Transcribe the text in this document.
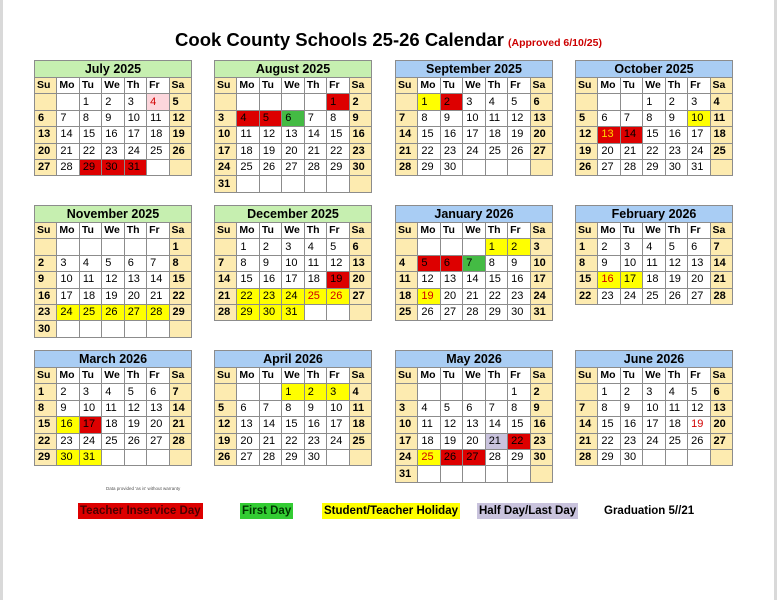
Cook County Schools 25-26 Calendar (Approved 6/10/25)
July 2025
Su	Mo	Tu	We	Th	Fr	Sa
		1	2	3	4	5
6	7	8	9	10	11	12
13	14	15	16	17	18	19
20	21	22	23	24	25	26
27	28	29	30	31		
August 2025
Su	Mo	Tu	We	Th	Fr	Sa
					1	2
3	4	5	6	7	8	9
10	11	12	13	14	15	16
17	18	19	20	21	22	23
24	25	26	27	28	29	30
31						
September 2025
Su	Mo	Tu	We	Th	Fr	Sa
	1	2	3	4	5	6
7	8	9	10	11	12	13
14	15	16	17	18	19	20
21	22	23	24	25	26	27
28	29	30				
October 2025
Su	Mo	Tu	We	Th	Fr	Sa
			1	2	3	4
5	6	7	8	9	10	11
12	13	14	15	16	17	18
19	20	21	22	23	24	25
26	27	28	29	30	31	
November 2025
Su	Mo	Tu	We	Th	Fr	Sa
						1
2	3	4	5	6	7	8
9	10	11	12	13	14	15
16	17	18	19	20	21	22
23	24	25	26	27	28	29
30						
December 2025
Su	Mo	Tu	We	Th	Fr	Sa
	1	2	3	4	5	6
7	8	9	10	11	12	13
14	15	16	17	18	19	20
21	22	23	24	25	26	27
28	29	30	31			
January 2026
Su	Mo	Tu	We	Th	Fr	Sa
				1	2	3
4	5	6	7	8	9	10
11	12	13	14	15	16	17
18	19	20	21	22	23	24
25	26	27	28	29	30	31
February 2026
Su	Mo	Tu	We	Th	Fr	Sa
1	2	3	4	5	6	7
8	9	10	11	12	13	14
15	16	17	18	19	20	21
22	23	24	25	26	27	28
March 2026
Su	Mo	Tu	We	Th	Fr	Sa
1	2	3	4	5	6	7
8	9	10	11	12	13	14
15	16	17	18	19	20	21
22	23	24	25	26	27	28
29	30	31				
April 2026
Su	Mo	Tu	We	Th	Fr	Sa
			1	2	3	4
5	6	7	8	9	10	11
12	13	14	15	16	17	18
19	20	21	22	23	24	25
26	27	28	29	30		
May 2026
Su	Mo	Tu	We	Th	Fr	Sa
					1	2
3	4	5	6	7	8	9
10	11	12	13	14	15	16
17	18	19	20	21	22	23
24	25	26	27	28	29	30
31						
June 2026
Su	Mo	Tu	We	Th	Fr	Sa
	1	2	3	4	5	6
7	8	9	10	11	12	13
14	15	16	17	18	19	20
21	22	23	24	25	26	27
28	29	30				
Data provided 'as is' without warranty
Teacher Inservice Day	First Day	Student/Teacher Holiday Half Day/Last Day Graduation 5//21
